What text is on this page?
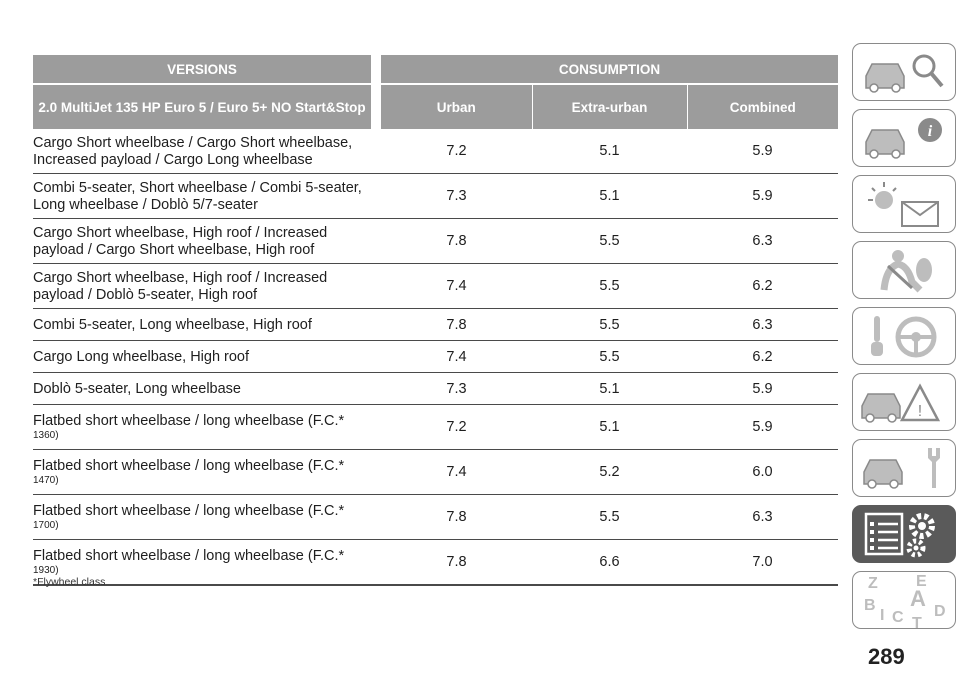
VERSIONS		CONSUMPTION		
2.0 MultiJet 135 HP Euro 5 / Euro 5+ NO Start&Stop		Urban	Extra-urban	Combined
Cargo Short wheelbase / Cargo Short wheelbase, Increased payload / Cargo Long wheelbase		7.2	5.1	5.9
Combi 5-seater, Short wheelbase / Combi 5-seater, Long wheelbase / Doblò 5/7-seater		7.3	5.1	5.9
Cargo Short wheelbase, High roof / Increased payload / Cargo Short wheelbase, High roof		7.8	5.5	6.3
Cargo Short wheelbase, High roof / Increased payload / Doblò 5-seater, High roof		7.4	5.5	6.2
Combi 5-seater, Long wheelbase, High roof		7.8	5.5	6.3
Cargo Long wheelbase, High roof		7.4	5.5	6.2
Doblò 5-seater, Long wheelbase		7.3	5.1	5.9
Flatbed short wheelbase / long wheelbase (F.C.*
1360)		7.2	5.1	5.9
Flatbed short wheelbase / long wheelbase (F.C.*
1470)		7.4	5.2	6.0
Flatbed short wheelbase / long wheelbase (F.C.*
1700)		7.8	5.5	6.3
Flatbed short wheelbase / long wheelbase (F.C.*
1930)		7.8	6.6	7.0
*Flywheel class
i
!
Z E
B A
D
I C T
289
